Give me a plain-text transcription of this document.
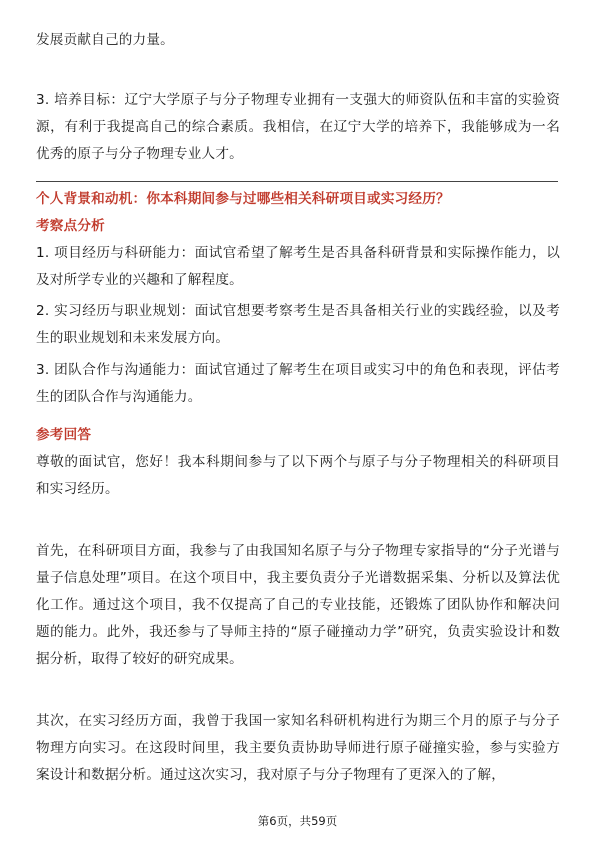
发展贡献自己的力量。

3. 培养目标：辽宁大学原子与分子物理专业拥有一支强大的师资队伍和丰富的实验资源，有利于我提高自己的综合素质。我相信，在辽宁大学的培养下，我能够成为一名优秀的原子与分子物理专业人才。

个人背景和动机：你本科期间参与过哪些相关科研项目或实习经历？

考察点分析

1. 项目经历与科研能力：面试官希望了解考生是否具备科研背景和实际操作能力，以及对所学专业的兴趣和了解程度。

2. 实习经历与职业规划：面试官想要考察考生是否具备相关行业的实践经验，以及考生的职业规划和未来发展方向。

3. 团队合作与沟通能力：面试官通过了解考生在项目或实习中的角色和表现，评估考生的团队合作与沟通能力。

参考回答

尊敬的面试官，您好！我本科期间参与了以下两个与原子与分子物理相关的科研项目和实习经历。

首先，在科研项目方面，我参与了由我国知名原子与分子物理专家指导的“分子光谱与量子信息处理”项目。在这个项目中，我主要负责分子光谱数据采集、分析以及算法优化工作。通过这个项目，我不仅提高了自己的专业技能，还锻炼了团队协作和解决问题的能力。此外，我还参与了导师主持的“原子碰撞动力学”研究，负责实验设计和数据分析，取得了较好的研究成果。

其次，在实习经历方面，我曾于我国一家知名科研机构进行为期三个月的原子与分子物理方向实习。在这段时间里，我主要负责协助导师进行原子碰撞实验，参与实验方案设计和数据分析。通过这次实习，我对原子与分子物理有了更深入的了解，

第6页，共59页
